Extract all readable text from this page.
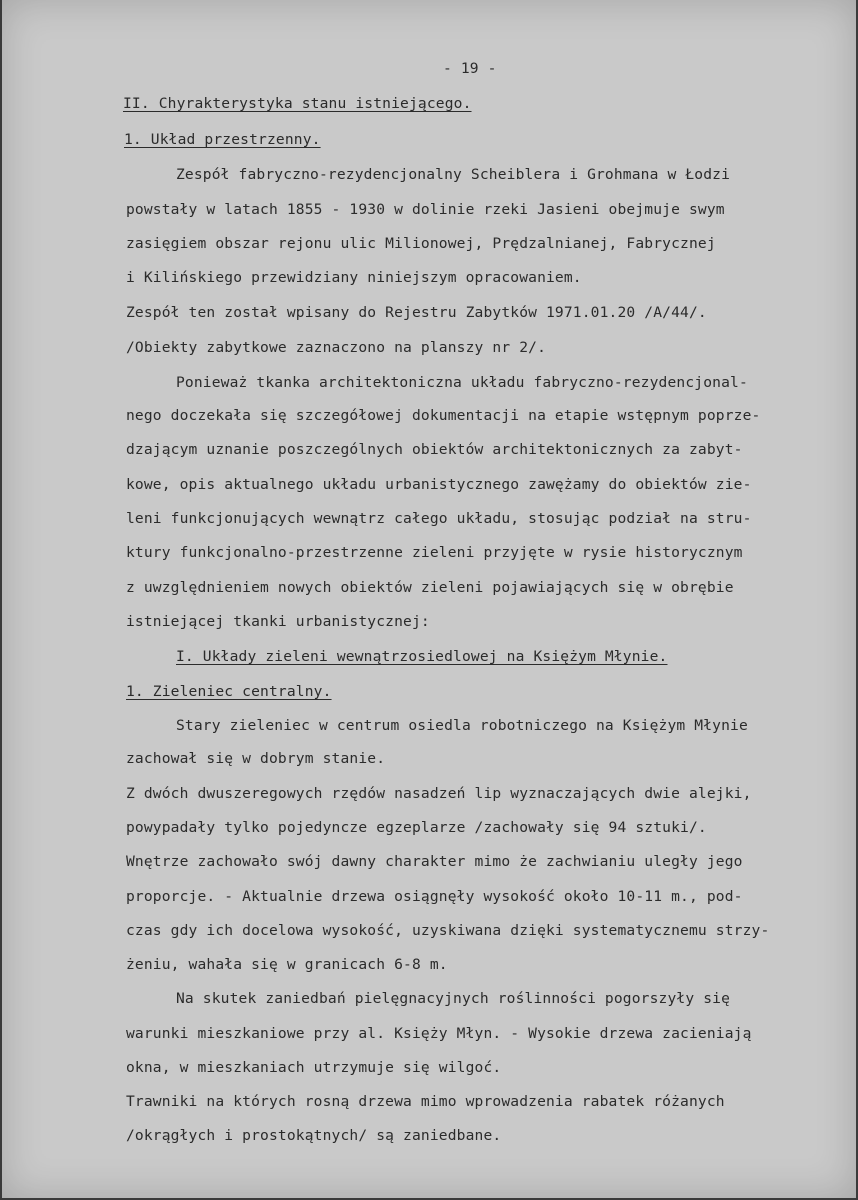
- 19 -

II. Chyrakterystyka stanu istniejącego.

1. Układ przestrzenny.

Zespół fabryczno-rezydencjonalny Scheiblera i Grohmana w Łodzi

powstały w latach 1855 - 1930 w dolinie rzeki Jasieni obejmuje swym

zasięgiem obszar rejonu ulic Milionowej, Prędzalnianej, Fabrycznej

i Kilińskiego przewidziany niniejszym opracowaniem.

Zespół ten został wpisany do Rejestru Zabytków 1971.01.20 /A/44/.

/Obiekty zabytkowe zaznaczono na planszy nr 2/.

Ponieważ tkanka architektoniczna układu fabryczno-rezydencjonal-

nego doczekała się szczegółowej dokumentacji na etapie wstępnym poprze-

dzającym uznanie poszczególnych obiektów architektonicznych za zabyt-

kowe, opis aktualnego układu urbanistycznego zawężamy do obiektów zie-

leni funkcjonujących wewnątrz całego układu, stosując podział na stru-

ktury funkcjonalno-przestrzenne zieleni przyjęte w rysie historycznym

z uwzględnieniem nowych obiektów zieleni pojawiających się w obrębie

istniejącej tkanki urbanistycznej:

I. Układy zieleni wewnątrzosiedlowej na Księżym Młynie.

1. Zieleniec centralny.

Stary zieleniec w centrum osiedla robotniczego na Księżym Młynie

zachował się w dobrym stanie.

Z dwóch dwuszeregowych rzędów nasadzeń lip wyznaczających dwie alejki,

powypadały tylko pojedyncze egzeplarze /zachowały się 94 sztuki/.

Wnętrze zachowało swój dawny charakter mimo że zachwianiu uległy jego

proporcje. - Aktualnie drzewa osiągnęły wysokość około 10-11 m., pod-

czas gdy ich docelowa wysokość, uzyskiwana dzięki systematycznemu strzy-

żeniu, wahała się w granicach 6-8 m.

Na skutek zaniedbań pielęgnacyjnych roślinności pogorszyły się

warunki mieszkaniowe przy al. Księży Młyn. - Wysokie drzewa zacieniają

okna, w mieszkaniach utrzymuje się wilgoć.

Trawniki na których rosną drzewa mimo wprowadzenia rabatek różanych

/okrągłych i prostokątnych/ są zaniedbane.
